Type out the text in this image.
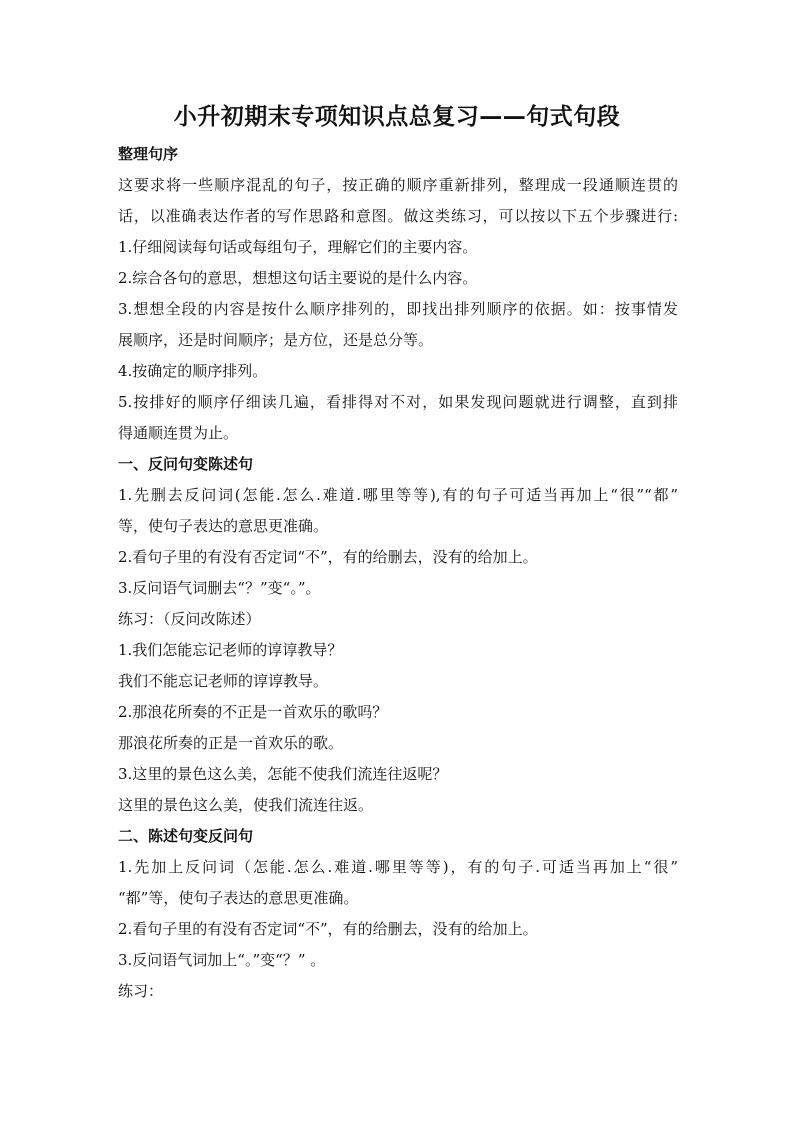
小升初期末专项知识点总复习——句式句段

整理句序

这要求将一些顺序混乱的句子，按正确的顺序重新排列，整理成一段通顺连贯的

话，以准确表达作者的写作思路和意图。做这类练习，可以按以下五个步骤进行:

1.仔细阅读每句话或每组句子，理解它们的主要内容。

2.综合各句的意思，想想这句话主要说的是什么内容。

3.想想全段的内容是按什么顺序排列的，即找出排列顺序的依据。如：按事情发

展顺序，还是时间顺序；是方位，还是总分等。

4.按确定的顺序排列。

5.按排好的顺序仔细读几遍，看排得对不对，如果发现问题就进行调整，直到排

得通顺连贯为止。

一、反问句变陈述句

1.先删去反问词(怎能.怎么.难道.哪里等等),有的句子可适当再加上“很”“都”

等，使句子表达的意思更准确。

2.看句子里的有没有否定词“不”，有的给删去，没有的给加上。

3.反问语气词删去“？”变“。”。

练习：（反问改陈述）

1.我们怎能忘记老师的谆谆教导？

我们不能忘记老师的谆谆教导。

2.那浪花所奏的不正是一首欢乐的歌吗？

那浪花所奏的正是一首欢乐的歌。

3.这里的景色这么美，怎能不使我们流连往返呢？

这里的景色这么美，使我们流连往返。

二、陈述句变反问句

1.先加上反问词（怎能.怎么.难道.哪里等等)，有的句子.可适当再加上“很”

“都”等，使句子表达的意思更准确。

2.看句子里的有没有否定词“不”，有的给删去，没有的给加上。

3.反问语气词加上“。”变“？” 。

练习：
